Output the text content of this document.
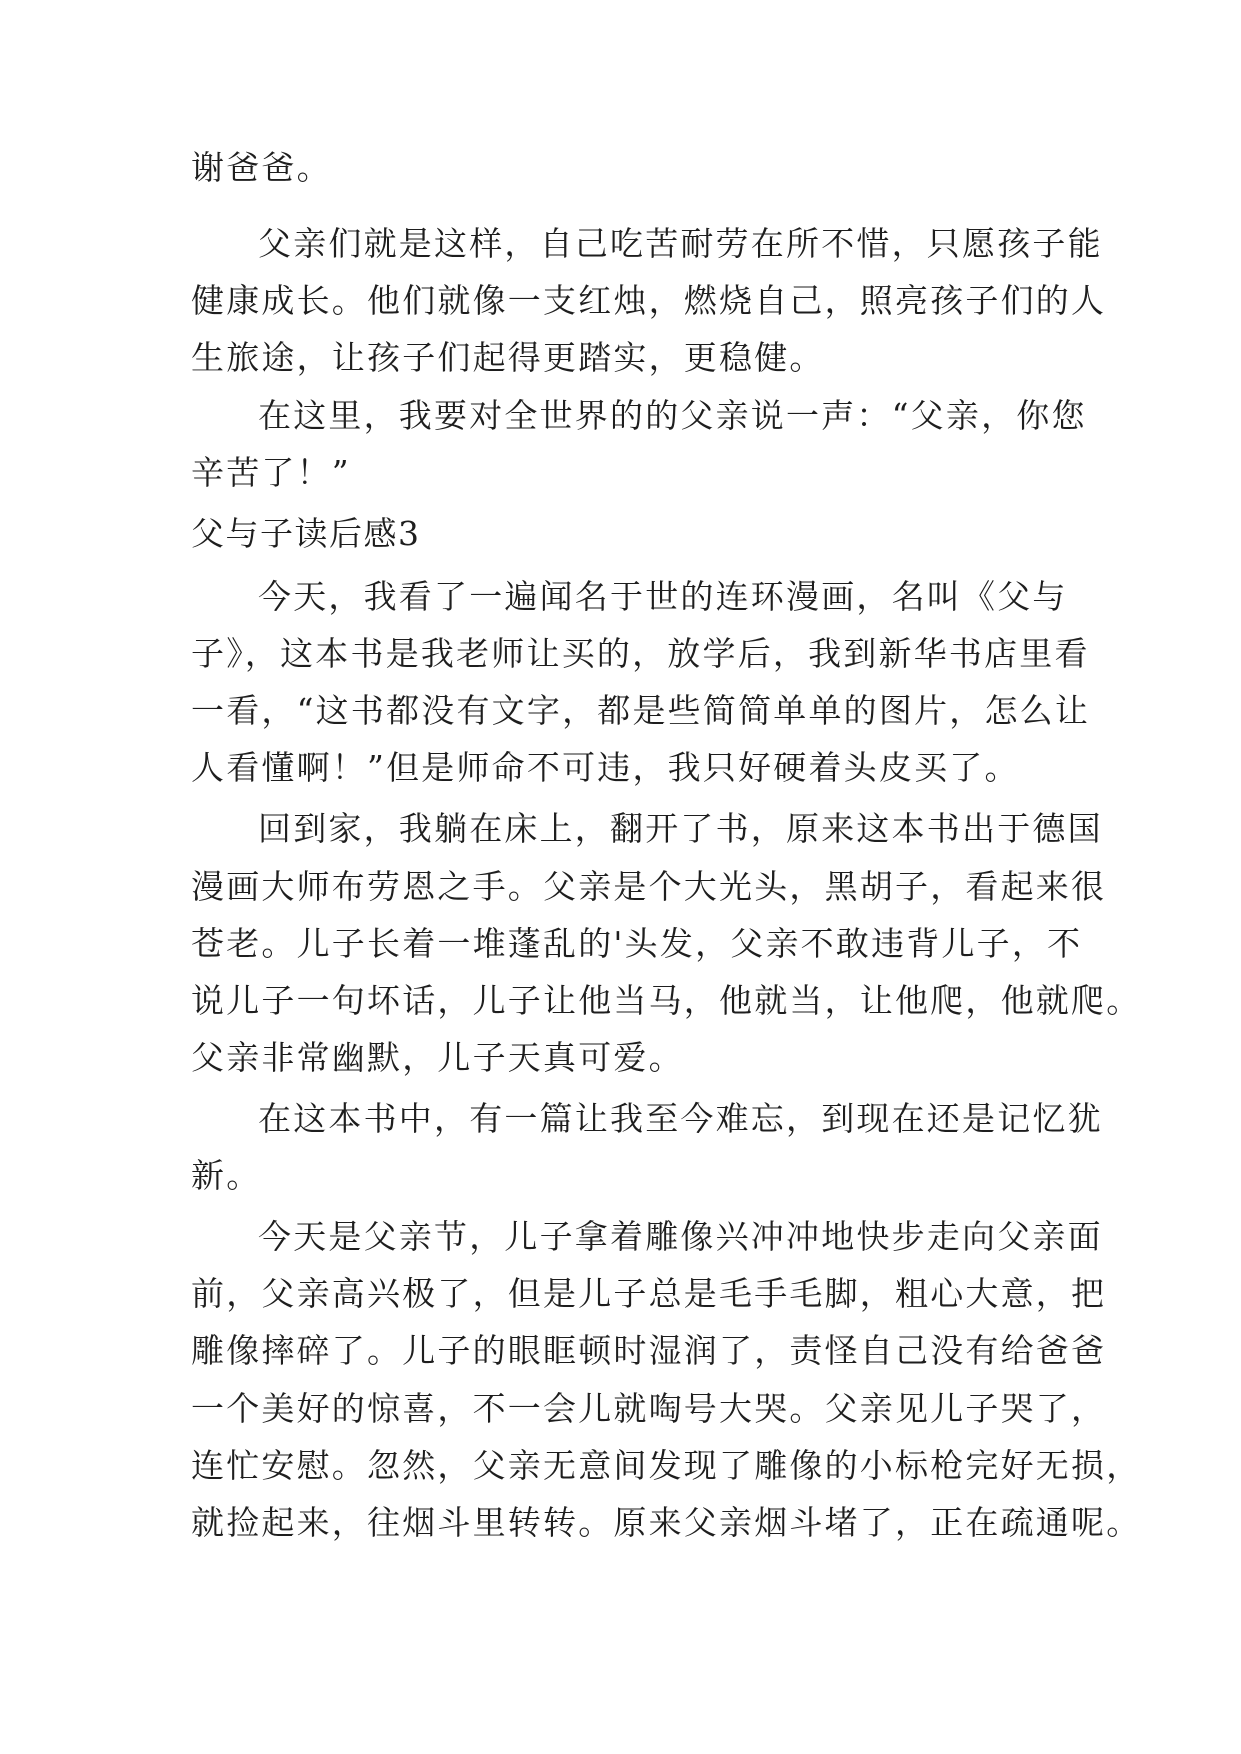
谢爸爸。
父亲们就是这样，自己吃苦耐劳在所不惜，只愿孩子能
健康成长。他们就像一支红烛，燃烧自己，照亮孩子们的人
生旅途，让孩子们起得更踏实，更稳健。
在这里，我要对全世界的的父亲说一声：“父亲，你您
辛苦了！”
父与子读后感3
今天，我看了一遍闻名于世的连环漫画，名叫《父与
子》，这本书是我老师让买的，放学后，我到新华书店里看
一看，“这书都没有文字，都是些简简单单的图片，怎么让
人看懂啊！”但是师命不可违，我只好硬着头皮买了。
回到家，我躺在床上，翻开了书，原来这本书出于德国
漫画大师布劳恩之手。父亲是个大光头，黑胡子，看起来很
苍老。儿子长着一堆蓬乱的'头发，父亲不敢违背儿子，不
说儿子一句坏话，儿子让他当马，他就当，让他爬，他就爬。
父亲非常幽默，儿子天真可爱。
在这本书中，有一篇让我至今难忘，到现在还是记忆犹
新。
今天是父亲节，儿子拿着雕像兴冲冲地快步走向父亲面
前，父亲高兴极了，但是儿子总是毛手毛脚，粗心大意，把
雕像摔碎了。儿子的眼眶顿时湿润了，责怪自己没有给爸爸
一个美好的惊喜，不一会儿就啕号大哭。父亲见儿子哭了，
连忙安慰。忽然，父亲无意间发现了雕像的小标枪完好无损，
就捡起来，往烟斗里转转。原来父亲烟斗堵了，正在疏通呢。
